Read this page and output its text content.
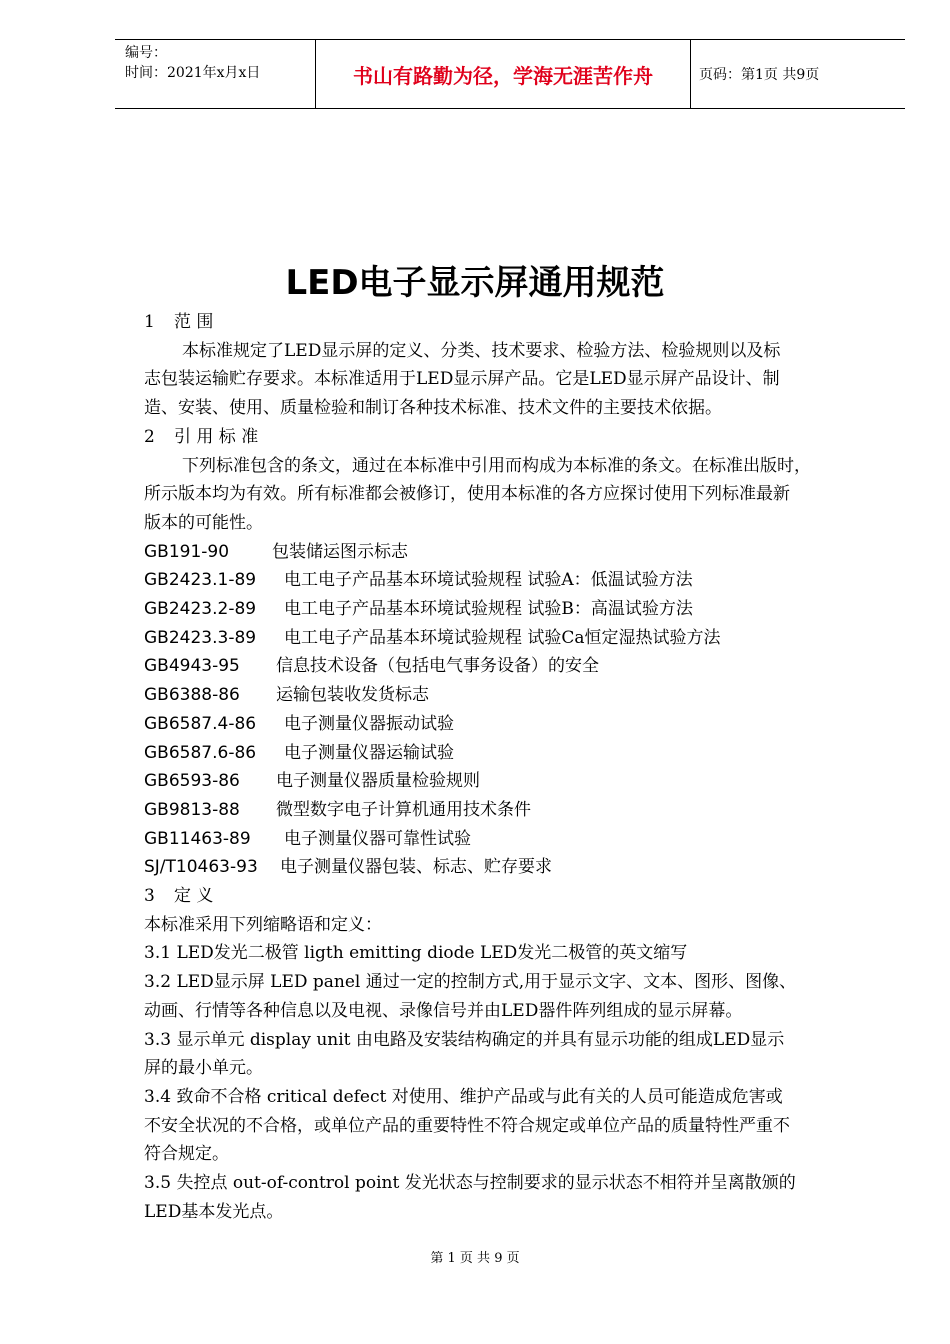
编号：
时间：2021年x月x日	书山有路勤为径，学海无涯苦作舟	页码：第1页 共9页
LED电子显示屏通用规范

1 范 围

本标准规定了LED显示屏的定义、分类、技术要求、检验方法、检验规则以及标

志包装运输贮存要求。本标准适用于LED显示屏产品。它是LED显示屏产品设计、制

造、安装、使用、质量检验和制订各种技术标准、技术文件的主要技术依据。

2 引 用 标 准

下列标准包含的条文，通过在本标准中引用而构成为本标准的条文。在标准出版时，

所示版本均为有效。所有标准都会被修订，使用本标准的各方应探讨使用下列标准最新

版本的可能性。

GB191-90	包装储运图示标志

GB2423.1-89 电工电子产品基本环境试验规程 试验A：低温试验方法

GB2423.2-89 电工电子产品基本环境试验规程 试验B：高温试验方法

GB2423.3-89 电工电子产品基本环境试验规程 试验Ca恒定湿热试验方法

GB4943-95 信息技术设备（包括电气事务设备）的安全

GB6388-86 运输包装收发货标志

GB6587.4-86 电子测量仪器振动试验

GB6587.6-86 电子测量仪器运输试验

GB6593-86 电子测量仪器质量检验规则

GB9813-88 微型数字电子计算机通用技术条件

GB11463-89 电子测量仪器可靠性试验

SJ/T10463-93 电子测量仪器包装、标志、贮存要求

3 定 义

本标准采用下列缩略语和定义：

3.1 LED发光二极管 ligth emitting diode LED发光二极管的英文缩写

3.2 LED显示屏 LED panel 通过一定的控制方式,用于显示文字、文本、图形、图像、

动画、行情等各种信息以及电视、录像信号并由LED器件阵列组成的显示屏幕。

3.3 显示单元 display unit 由电路及安装结构确定的并具有显示功能的组成LED显示

屏的最小单元。

3.4 致命不合格 critical defect 对使用、维护产品或与此有关的人员可能造成危害或

不安全状况的不合格，或单位产品的重要特性不符合规定或单位产品的质量特性严重不

符合规定。

3.5 失控点 out-of-control point 发光状态与控制要求的显示状态不相符并呈离散颁的

LED基本发光点。

第 1 页 共 9 页
